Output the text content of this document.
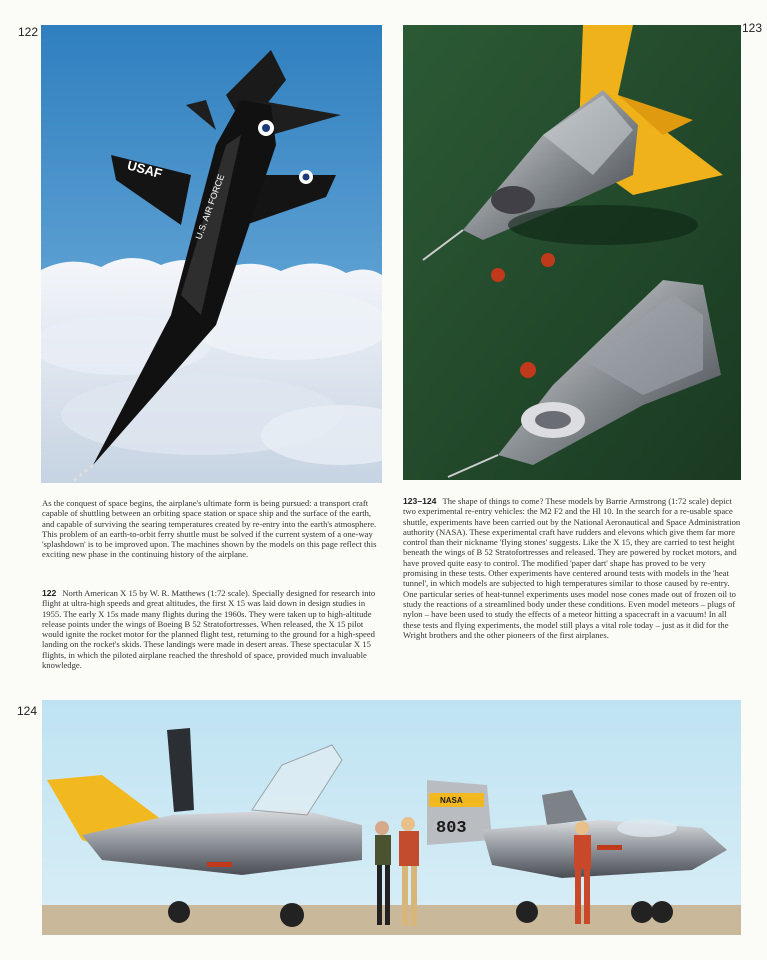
122	123
124
USAF
U.S. AIR FORCE
As the conquest of space begins, the airplane's ultimate form is being pursued: a transport craft capable of shuttling between an orbiting space station or space ship and the surface of the earth, and capable of surviving the searing temperatures created by re-entry into the earth's atmosphere. This problem of an earth-to-orbit ferry shuttle must be solved if the current system of a one-way 'splashdown' is to be improved upon. The machines shown by the models on this page reflect this exciting new phase in the continuing history of the airplane.
122 North American X 15 by W. R. Matthews (1:72 scale). Specially designed for research into flight at ultra-high speeds and great altitudes, the first X 15 was laid down in design studies in 1955. The early X 15s made many flights during the 1960s. They were taken up to high-altitude release points under the wings of Boeing B 52 Stratofortresses. When released, the X 15 pilot would ignite the rocket motor for the planned flight test, returning to the ground for a high-speed landing on the rocket's skids. These landings were made in desert areas. These spectacular X 15 flights, in which the piloted airplane reached the threshold of space, provided much invaluable knowledge.
123–124 The shape of things to come? These models by Barrie Armstrong (1:72 scale) depict two experimental re-entry vehicles: the M2 F2 and the Hl 10. In the search for a re-usable space shuttle, experiments have been carried out by the National Aeronautical and Space Administration authority (NASA). These experimental craft have rudders and elevons which give them far more control than their nickname 'flying stones' suggests. Like the X 15, they are carried to test height beneath the wings of B 52 Stratofortresses and released. They are powered by rocket motors, and have proved quite easy to control. The modified 'paper dart' shape has proved to be very promising in these tests. Other experiments have centered around tests with models in the 'heat tunnel', in which models are subjected to high temperatures similar to those caused by re-entry. One particular series of heat-tunnel experiments uses model nose cones made out of frozen oil to study the reactions of a streamlined body under these conditions. Even model meteors – plugs of nylon – have been used to study the effects of a meteor hitting a spacecraft in a vacuum! In all these tests and flying experiments, the model still plays a vital role today – just as it did for the Wright brothers and the other pioneers of the first airplanes.
NASA
803
